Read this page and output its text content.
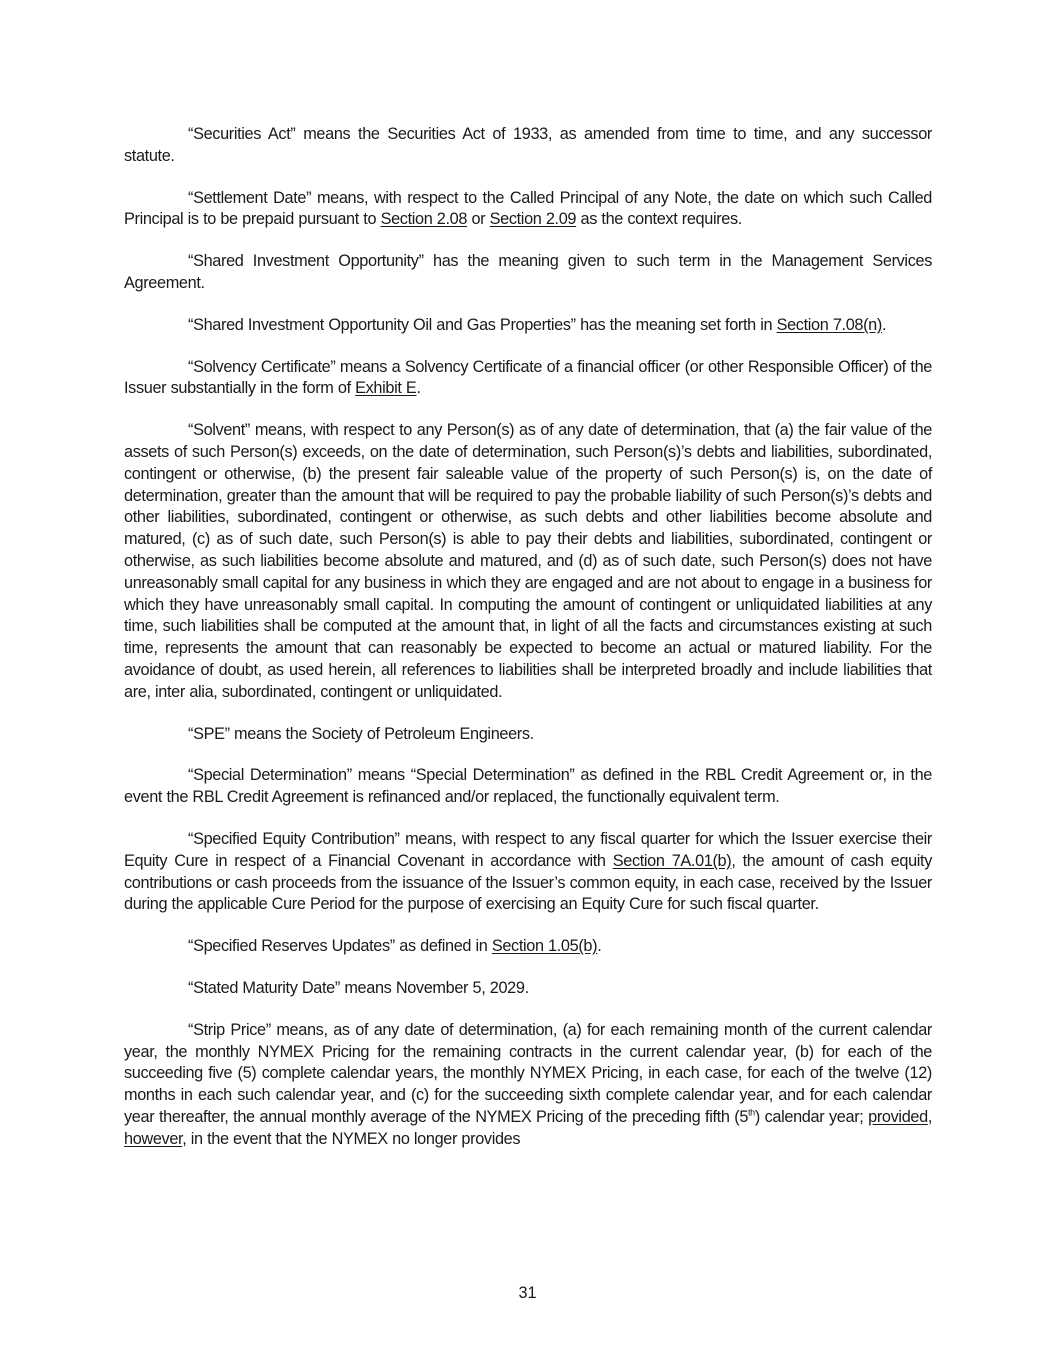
“Securities Act” means the Securities Act of 1933, as amended from time to time, and any successor statute.

“Settlement Date” means, with respect to the Called Principal of any Note, the date on which such Called Principal is to be prepaid pursuant to Section 2.08 or Section 2.09 as the context requires.

“Shared Investment Opportunity” has the meaning given to such term in the Management Services Agreement.

“Shared Investment Opportunity Oil and Gas Properties” has the meaning set forth in Section 7.08(n).

“Solvency Certificate” means a Solvency Certificate of a financial officer (or other Responsible Officer) of the Issuer substantially in the form of Exhibit E.

“Solvent” means, with respect to any Person(s) as of any date of determination, that (a) the fair value of the assets of such Person(s) exceeds, on the date of determination, such Person(s)’s debts and liabilities, subordinated, contingent or otherwise, (b) the present fair saleable value of the property of such Person(s) is, on the date of determination, greater than the amount that will be required to pay the probable liability of such Person(s)’s debts and other liabilities, subordinated, contingent or otherwise, as such debts and other liabilities become absolute and matured, (c) as of such date, such Person(s) is able to pay their debts and liabilities, subordinated, contingent or otherwise, as such liabilities become absolute and matured, and (d) as of such date, such Person(s) does not have unreasonably small capital for any business in which they are engaged and are not about to engage in a business for which they have unreasonably small capital. In computing the amount of contingent or unliquidated liabilities at any time, such liabilities shall be computed at the amount that, in light of all the facts and circumstances existing at such time, represents the amount that can reasonably be expected to become an actual or matured liability. For the avoidance of doubt, as used herein, all references to liabilities shall be interpreted broadly and include liabilities that are, inter alia, subordinated, contingent or unliquidated.

“SPE” means the Society of Petroleum Engineers.

“Special Determination” means “Special Determination” as defined in the RBL Credit Agreement or, in the event the RBL Credit Agreement is refinanced and/or replaced, the functionally equivalent term.

“Specified Equity Contribution” means, with respect to any fiscal quarter for which the Issuer exercise their Equity Cure in respect of a Financial Covenant in accordance with Section 7A.01(b), the amount of cash equity contributions or cash proceeds from the issuance of the Issuer’s common equity, in each case, received by the Issuer during the applicable Cure Period for the purpose of exercising an Equity Cure for such fiscal quarter.

“Specified Reserves Updates” as defined in Section 1.05(b).

“Stated Maturity Date” means November 5, 2029.

“Strip Price” means, as of any date of determination, (a) for each remaining month of the current calendar year, the monthly NYMEX Pricing for the remaining contracts in the current calendar year, (b) for each of the succeeding five (5) complete calendar years, the monthly NYMEX Pricing, in each case, for each of the twelve (12) months in each such calendar year, and (c) for the succeeding sixth complete calendar year, and for each calendar year thereafter, the annual monthly average of the NYMEX Pricing of the preceding fifth (5th) calendar year; provided, however, in the event that the NYMEX no longer provides

31
